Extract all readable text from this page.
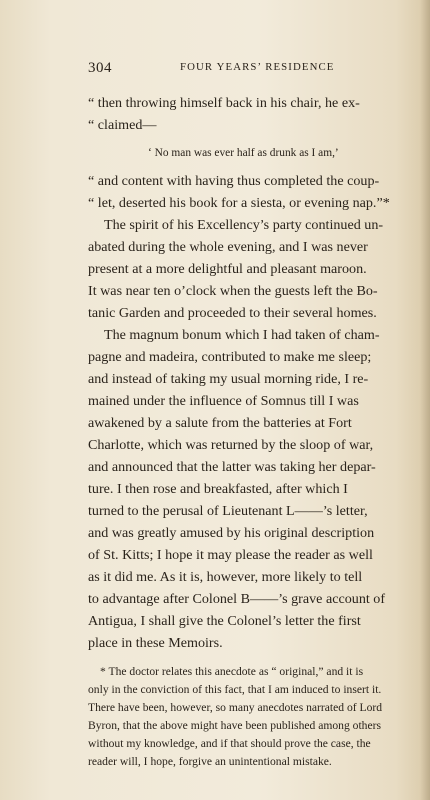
304	FOUR YEARS’ RESIDENCE
“ then throwing himself back in his chair, he ex-
“ claimed—
‘ No man was ever half as drunk as I am,’
“ and content with having thus completed the coup-
“ let, deserted his book for a siesta, or evening nap.”*
The spirit of his Excellency’s party continued un-
abated during the whole evening, and I was never
present at a more delightful and pleasant maroon.
It was near ten o’clock when the guests left the Bo-
tanic Garden and proceeded to their several homes.
The magnum bonum which I had taken of cham-
pagne and madeira, contributed to make me sleep;
and instead of taking my usual morning ride, I re-
mained under the influence of Somnus till I was
awakened by a salute from the batteries at Fort
Charlotte, which was returned by the sloop of war,
and announced that the latter was taking her depar-
ture. I then rose and breakfasted, after which I
turned to the perusal of Lieutenant L——’s letter,
and was greatly amused by his original description
of St. Kitts; I hope it may please the reader as well
as it did me. As it is, however, more likely to tell
to advantage after Colonel B——’s grave account of
Antigua, I shall give the Colonel’s letter the first
place in these Memoirs.
* The doctor relates this anecdote as “ original,” and it is
only in the conviction of this fact, that I am induced to insert it.
There have been, however, so many anecdotes narrated of Lord
Byron, that the above might have been published among others
without my knowledge, and if that should prove the case, the
reader will, I hope, forgive an unintentional mistake.
